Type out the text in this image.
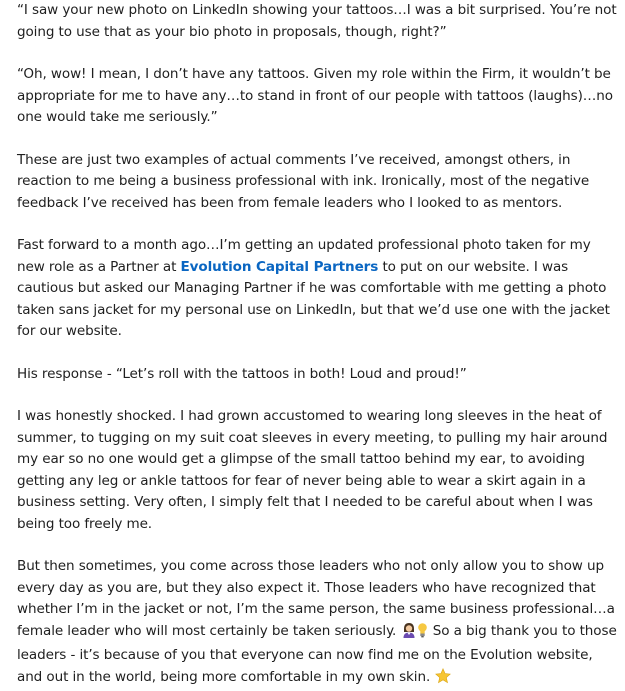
“I saw your new photo on LinkedIn showing your tattoos…I was a bit surprised. You’re not going to use that as your bio photo in proposals, though, right?”

“Oh, wow! I mean, I don’t have any tattoos. Given my role within the Firm, it wouldn’t be appropriate for me to have any…to stand in front of our people with tattoos (laughs)…no one would take me seriously.”

These are just two examples of actual comments I’ve received, amongst others, in reaction to me being a business professional with ink. Ironically, most of the negative feedback I’ve received has been from female leaders who I looked to as mentors.

Fast forward to a month ago…I’m getting an updated professional photo taken for my new role as a Partner at Evolution Capital Partners to put on our website. I was cautious but asked our Managing Partner if he was comfortable with me getting a photo taken sans jacket for my personal use on LinkedIn, but that we’d use one with the jacket for our website.

His response - “Let’s roll with the tattoos in both! Loud and proud!”

I was honestly shocked. I had grown accustomed to wearing long sleeves in the heat of summer, to tugging on my suit coat sleeves in every meeting, to pulling my hair around my ear so no one would get a glimpse of the small tattoo behind my ear, to avoiding getting any leg or ankle tattoos for fear of never being able to wear a skirt again in a business setting. Very often, I simply felt that I needed to be careful about when I was being too freely me.

But then sometimes, you come across those leaders who not only allow you to show up every day as you are, but they also expect it. Those leaders who have recognized that whether I’m in the jacket or not, I’m the same person, the same business professional…a female leader who will most certainly be taken seriously.  So a big thank you to those leaders - it’s because of you that everyone can now find me on the Evolution website, and out in the world, being more comfortable in my own skin.
